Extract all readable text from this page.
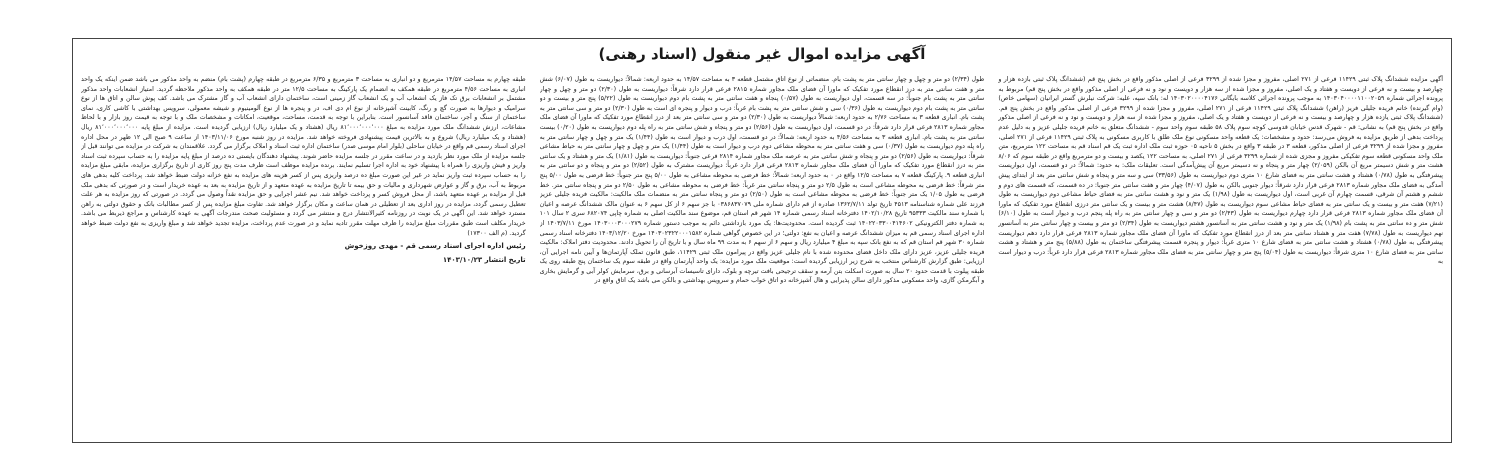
آگهی مزایده اموال غیر منقول (اسناد رهنی)

آگهی مزایده ششدانگ پلاک ثبتی ۱۱۴۲۹ فرعی از ۲۷۱ اصلی، مفروز و مجزا شده از ۳۲۹۹ فرعی از اصلی مذکور واقع در بخش پنج قم (ششدانگ پلاک ثبتی بازده هزار و چهارصد و بیست و نه فرعی از دویست و هفتاد و یک اصلی، مفروز و مجزا شده از سه هزار و دویست و نود و نه فرعی از اصلی مذکور واقع در بخش پنج قم) مربوط به پرونده اجرائی شماره ۱۴۰۳۰۴۰۰۰۰۱۱۰۰۲۰۵۹ به موجب پرونده اجرائی کلاسه بایگانی ۱۴۰۳۰۲۰۰۰۰۴۱۷۶ له: بانک سپه، علیه: شرکت نیلرش گستر ایرانیان (سهامی خاص) (وام گیرنده) خانم فریده جلیلی فریز (راهن) ششدانگ پلاک ثبتی ۱۱۴۲۹ فرعی از ۲۷۱ اصلی، مفروز و مجزا شده از ۳۲۹۹ فرعی از اصلی مذکور واقع در بخش پنج قم. (ششدانگ پلاک ثبتی یازده هزار و چهارصد و بیست و نه فرعی از دویست و هفتاد و یک اصلی، مفروز و مجزا شده از سه هزار و دویست و نود و نه فرعی از اصلی مذکور واقع در بخش پنج قم) به نشانی: قم - شهرک قدس خیابان قدوسی کوچه سوم پلاک ۵۸ طبقه سوم واحد سوم - ششدانگ متعلق به خانم فریده جلیلی عزیز و به دلیل عدم پرداخت بدهی از طریق مزایده به فروش می‌رسد: حدود و مشخصات: یک قطعه واحد مسکونی نوع ملک طلق با کاربری مسکونی به پلاک ثبتی ۱۱۴۲۹ فرعی از ۲۷۱ اصلی، مفروز و مجزا شده از ۳۲۹۹ فرعی از اصلی مذکور، قطعه ۳ در طبقه ۳ واقع در بخش ۵ ناحیه ۰۵ حوزه ثبت ملک اداره ثبت یک قم اسناد قم به مساحت ۱۲۲ مترمربع، متن ملک واحد مسکونی قطعه سوم تفکیکی مفروز و مجزی شده از شماره ۳۲۹۹ فرعی از ۲۷۱ اصلی، به مساحت ۱۲۲ یکصد و بیست و دو مترمربع واقع در طبقه سوم که ۸/۰۶ هشت متر و شش دسیمتر مربع آن بالکن (۲/۰۵۹) چهار متر و پنجاه و نه دسیمتر مربع آن پیش‌آمدگی است. تعلیقات ملک: به حدود: شمالاً: در دو قسمت، اول دیواریست پیشرفتگی به طول (۰/۷۸) هشتاد و هشت سانتی متر به فضای شارع ۱۰ متری دوم دیواریست به طول (۳۳/۵۶) سی و سه متر و پنجاه و شش سانتی متر بعد از ابتدای پیش آمدگی به فضای ملک مجاور شماره ۲۸۱۳ فرعی قرار دارد شرقاً: دیوار جنوبی بالکن به طول (۴/۰۷) چهار متر و هفت سانتی متر جنوبا: در ده قسمت، که قسمت های دوم و ششم و هشتم آن شرقی، قسمت چهارم آن غربی است، اول دیواریست به طول (۱/۹۸) یک متر و نود و هشت سانتی متر به فضای حیاط مشاعی دوم دیواریست به طول (۷/۲۱) هفت متر و بیست و یک سانتی متر به فضای حیاط مشاعی سوم دیواریست به طول (۸/۴۷) هشت متر و بیست و یک سانتی متر درزی انقطاع مورد تفکیک که ماورا آن فضای ملک مجاور شماره ۲۸۱۳ فرعی قرار دارد چهارم دیواریست به طول (۲/۴۳) دو متر و سی و چهار سانتی متر به راه پله پنجم درب و دیوار است به طول (۶/۱۰) شش متر و ده سانتی متر به پشت بام (۱/۹۸) یک متر و نود و هشت سانتی متر به آسانسور هشتم دیواریست به طول (۲/۳۴) دو متر و بیست و چهار سانتی متر به آسانسور نهم دیواریست به طول (۷/۷۸) هفت متر و هشتاد سانتی متر بعد از درز انقطاع مورد تفکیک که ماورا آن فضای ملک مجاور شماره ۲۸۱۳ فرعی قرار دارد دهم دیواریست پیشرفتگی به طول (۰/۷۸) هشتاد و هشت سانتی متر به فضای شارع ۱۰ متری غرباً: دیوار و پنجره قسمت پیشرفتگی ساختمان به طول (۵/۸۸) پنج متر و هشتاد و هشت سانتی متر به فضای شارع ۱۰ متری شرقاً: دیواریست به طول (۵/۰۴) پنج متر و چهار سانتی متر به فضای ملک مجاور شماره ۲۸۱۳ فرعی قرار دارد غرباً: درب و دیوار است به

طول (۲/۳۴) دو متر و چهل و چهار سانتی متر به پشت بام. منضماتی از نوع اتاق مشتمل قطعه ۳ به مساحت ۱۴/۵۷ به حدود اربعه: شمالاً: دیواریست به طول (۶/۰۷) شش متر و هفت سانتی متر به درز انقطاع مورد تفکیک که ماورا آن فضای ملک مجاور شماره ۲۸۱۵ فرعی قرار دارد شرقاً: دیواریست به طول (۲/۳۰) دو متر و چهل و چهار سانتی متر به پشت بام جنوباً: در سه قسمت، اول دیواریست به طول (۰/۵۷) پنجاه و هفت سانتی متر به پشت بام دوم دیواریست به طول (۵/۲۲) پنج متر و بیست و دو سانتی متر به پشت بام دوم دیواریست به طول (۰/۳۶) سی و شش سانتی متر به پشت بام غرباً: درب و دیوار و پنجره ای است به طول (۲/۳۰) دو متر و سی سانتی متر به پشت بام. انباری قطعه ۳ به مساحت ۲/۷۶ به حدود اربعه: شمالاً دیواریست به طول (۲/۳۰) دو متر و سی سانتی متر بعد از درز انقطاع مورد تفکیک که ماورا آن فضای ملک مجاور شماره ۲۸۱۳ فرعی قرار دارد شرقاً: در دو قسمت، اول دیواریست به طول (۲/۵۶) دو متر و پنجاه و شش سانتی متر به راه پله دوم دیواریست به طول (۰/۲۰) بیست سانتی متر به پشت بام. انباری قطعه ۳ به مساحت ۴/۵۶ به حدود اربعه: شمالاً: در دو قسمت، اول درب و دیوار است به طول (۱/۴۴) یک متر و چهل و چهار سانتی متر به راه پله دوم دیواریست به طول (۰/۳۷) سی و هفت سانتی متر به محوطه مشاعی دوم درب و دیوار است به طول (۱/۴۴) یک متر و چهل و چهار سانتی متر به حیاط مشاعی شرقاً: دیواریست به طول (۲/۵۶) دو متر و پنجاه و شش سانتی متر به عرصه ملک مجاور شماره ۲۸۱۴ فرعی جنوباً: دیواریست به طول (۱/۸۱) یک متر و هشتاد و یک سانتی متر به درز انقطاع مورد تفکیک که ماورا آن فضای ملک مجاور شماره ۲۸۱۳ فرعی قرار دارد غرباً: دیواریست مشترک به طول (۲/۵۲) دو متر و پنجاه و دو سانتی متر به انباری قطعه ۹. پارکینگ قطعه ۷ به مساحت ۱۲/۵ واقع در ۰ به حدود اربعه: شمالاً: خط فرضی به محوطه مشاعی به طول ۵/۰۰ پنج متر جنوباً: خط فرضی به طول ۵/۰۰ پنج متر شرقاً: خط فرضی به محوطه مشاعی است به طول ۲/۵ دو متر و پنجاه سانتی متر غرباً: خط فرضی به محوطه مشاعی به طول ۲/۵۰ دو متر و پنجاه سانتی متر. خط فرضی به طول ۱/۰۵ یک متر جنوباً: خط فرضی به محوطه مشاعی است به طول (۲/۵۰) دو متر و پنجاه سانتی متر به منضمات ملک مالکیت: مالکیت فریده جلیلی عزیز فرزند علی شماره شناسنامه ۴۵۱۳ تاریخ تولد ۱۳۶۲/۷/۱۱ صادره از قم دارای شماره ملی ۰۳۸۶۸۳۷۰۷۹ با جز سهم ۶ از کل سهم ۶ به عنوان مالک ششدانگ عرصه و اعیان با شماره سند مالکیت ۹۵۳۳۳ تاریخ ۱۴۰۲/۱۰/۲۸ دفترخانه اسناد رسمی شماره ۱۴ شهر قم استان قم، موضوع سند مالکیت اصلی به شماره چاپی ۶۸۲۰۷۴ سری ۲ سال ۱۰۱ به شماره دفتر الکترونیکی ۱۴۰۲۲۰۳۳۰۰۴۱۴۶۰۲ ثبت گردیده است. محدودیت‌ها: یک مورد بازداشتی دائم به موجب دستور شماره ۱۴۰۳۰۰۰۳۰۰۰۲۷۹ مورخ ۱۴۰۳/۷/۱۱ از اداره اجرای اسناد رسمی قم به میزان ششدانگ عرصه و اعیان به نفع: دولتی؛ در این خصوص گواهی شماره ۱۴۰۳۰۲۳۲۲۰۰۰۱۵۸۲ مورخ ۱۴۰۳/۱۲/۲۰ دفترخانه اسناد رسمی شماره ۳۰ شهر قم استان قم که به نفع بانک سپه به مبلغ ۴ میلیارد ریال و سهم ۶ از سهم ۶ به مدت ۹۹ ماه سال و با تاریخ آن را تحویل دادند. محدودیت دفتر املاک: مالکیت فریده جلیلی عزیز، عزیز دارای ملک داخل فضای محدوده شده با نام جلیلی عزیز واقع در پیرامون ملک ثبتی ۱۱۴۲۹، طبق قانون تملک آپارتمان‌ها و آیین نامه اجرایی آن، ارزیابی: طبق گزارش کارشناس منتخب به شرح زیر ارزیابی گردیده است: موقعیت ملک مورد مزایده: یک واحد آپارتمان واقع در طبقه سوم یک ساختمان پنج طبقه روی یک طبقه پیلوت با قدمت حدود ۲۰ سال به صورت اسکلت بتن آرمه و سقف ترجیحی بافت تیرچه و بلوک، دارای تاسیسات آبرسانی و برق، سرمایش کولر آبی و گرمایش بخاری و آبگرمکن گازی، واحد مسکونی مذکور دارای سالن پذیرایی و هال آشپزخانه دو اتاق خواب حمام و سرویس بهداشتی و بالکن می باشد یک اتاق واقع در

طبقه چهارم به مساحت ۱۴/۵۷ مترمربع و دو انباری به مساحت ۳ مترمربع و ۶/۳۵ مترمربع در طبقه چهارم (پشت بام) منضم به واحد مذکور می باشد ضمن اینکه یک واحد انباری به مساحت ۴/۵۶ مترمربع در طبقه همکف به انضمام یک پارکینگ به مساحت ۱۲/۵ متر در طبقه همکف به واحد مذکور ملاحظه گردید. امتیاز انشعابات واحد مذکور مشتمل بر انشعابات برق تک فاز یک انشعاب آب و یک انشعاب گاز زمینی است، ساختمان دارای انشعاب آب و گاز مشترک می باشد. کف پوش سالن و اتاق ها از نوع سرامیک و دیوارها به صورت گچ و رنگ، کابینت آشپزخانه از نوع ام دی اف، در و پنجره ها از نوع آلومینیوم و شیشه معمولی، سرویس بهداشتی با کاشی کاری، نمای ساختمان از سنگ و آجر، ساختمان فاقد آسانسور است. بنابراین با توجه به قدمت، مساحت، موقعیت، امکانات و مشخصات ملک و با توجه به قیمت روز بازار و با لحاظ مشاعات، ارزش ششدانگ ملک مورد مزایده به مبلغ ۸۱٬۰۰۰٬۰۰۰٬۰۰۰ ریال (هشتاد و یک میلیارد ریال) ارزیابی گردیده است. مزایده از مبلغ پایه ۸۱٬۰۰۰٬۰۰۰٬۰۰۰ ریال (هشتاد و یک میلیارد ریال) شروع و به بالاترین قیمت پیشنهادی فروخته خواهد شد. مزایده در روز شنبه مورخ ۱۴۰۳/۱۱/۰۶ از ساعت ۹ صبح الی ۱۲ ظهر در محل اداره اجرای اسناد رسمی قم واقع در خیابان ساحلی (بلوار امام موسی صدر) ساختمان اداره ثبت اسناد و املاک برگزار می گردد. علاقمندان به شرکت در مزایده می توانند قبل از جلسه مزایده از ملک مورد نظر بازدید و در ساعت مقرر در جلسه مزایده حاضر شوند. پیشنهاد دهندگان بایستی ده درصد از مبلغ پایه مزایده را به حساب سپرده ثبت اسناد واریز و فیش واریزی را همراه با پیشنهاد خود به اداره اجرا تسلیم نمایند. برنده مزایده موظف است ظرف مدت پنج روز کاری از تاریخ برگزاری مزایده، مابقی مبلغ مزایده را به حساب سپرده ثبت واریز نماید در غیر این صورت مبلغ ده درصد واریزی پس از کسر هزینه های مزایده به نفع خزانه دولت ضبط خواهد شد. پرداخت کلیه بدهی های مربوط به آب، برق و گاز و عوارض شهرداری و مالیات و حق بیمه تا تاریخ مزایده به عهده متعهد و از تاریخ مزایده به بعد به عهده خریدار است و در صورتی که بدهی ملک قبل از مزایده بر عهده متعهد باشد، از محل فروش کسر و پرداخت خواهد شد. نیم عشر اجرایی و حق مزایده نقداً وصول می گردد. در صورتی که روز مزایده به هر علت تعطیل رسمی گردد، مزایده در روز اداری بعد از تعطیلی در همان ساعت و مکان برگزار خواهد شد. تفاوت مبلغ مزایده پس از کسر مطالبات بانک و حقوق دولتی به راهن مسترد خواهد شد. این آگهی در یک نوبت در روزنامه کثیرالانتشار درج و منتشر می گردد و مسئولیت صحت مندرجات آگهی به عهده کارشناس و مراجع ذیربط می باشد. خریدار مکلف است طبق مقررات مبلغ مزایده را ظرف مهلت مقرر تادیه نماید و در صورت عدم پرداخت، مزایده تجدید خواهد شد و مبلغ واریزی به نفع دولت ضبط خواهد گردید. (م الف ۱۷۳۰۰)

رئیس اداره اجرای اسناد رسمی قم - مهدی روزخوش
تاریخ انتشار ۱۴۰۳/۱۰/۲۳
